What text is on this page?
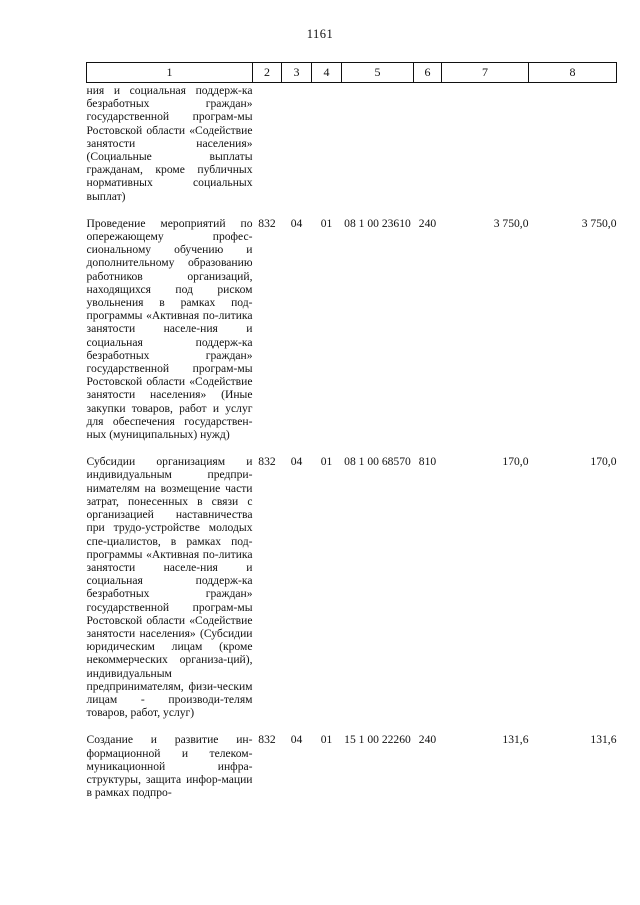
1161
1	2	3	4	5	6	7	8
ния и социальная поддерж-ка безработных граждан» государственной програм-мы Ростовской области «Содействие занятости населения» (Социальные выплаты гражданам, кроме публичных нормативных социальных выплат)							
Проведение мероприятий по опережающему профес-сиональному обучению и дополнительному образованию работников организаций, находящихся под риском увольнения в рамках под-программы «Активная по-литика занятости населе-ния и социальная поддерж-ка безработных граждан» государственной програм-мы Ростовской области «Содействие занятости населения» (Иные закупки товаров, работ и услуг для обеспечения государствен-ных (муниципальных) нужд)	832	04	01	08 1 00 23610	240	3 750,0	3 750,0
Субсидии организациям и индивидуальным предпри-нимателям на возмещение части затрат, понесенных в связи с организацией наставничества при трудо-устройстве молодых спе-циалистов, в рамках под-программы «Активная по-литика занятости населе-ния и социальная поддерж-ка безработных граждан» государственной програм-мы Ростовской области «Содействие занятости населения» (Субсидии юридическим лицам (кроме некоммерческих организа-ций), индивидуальным предпринимателям, физи-ческим лицам - производи-телям товаров, работ, услуг)	832	04	01	08 1 00 68570	810	170,0	170,0
Создание и развитие ин-формационной и телеком-муникационной инфра-структуры, защита инфор-мации в рамках подпро-	832	04	01	15 1 00 22260	240	131,6	131,6
